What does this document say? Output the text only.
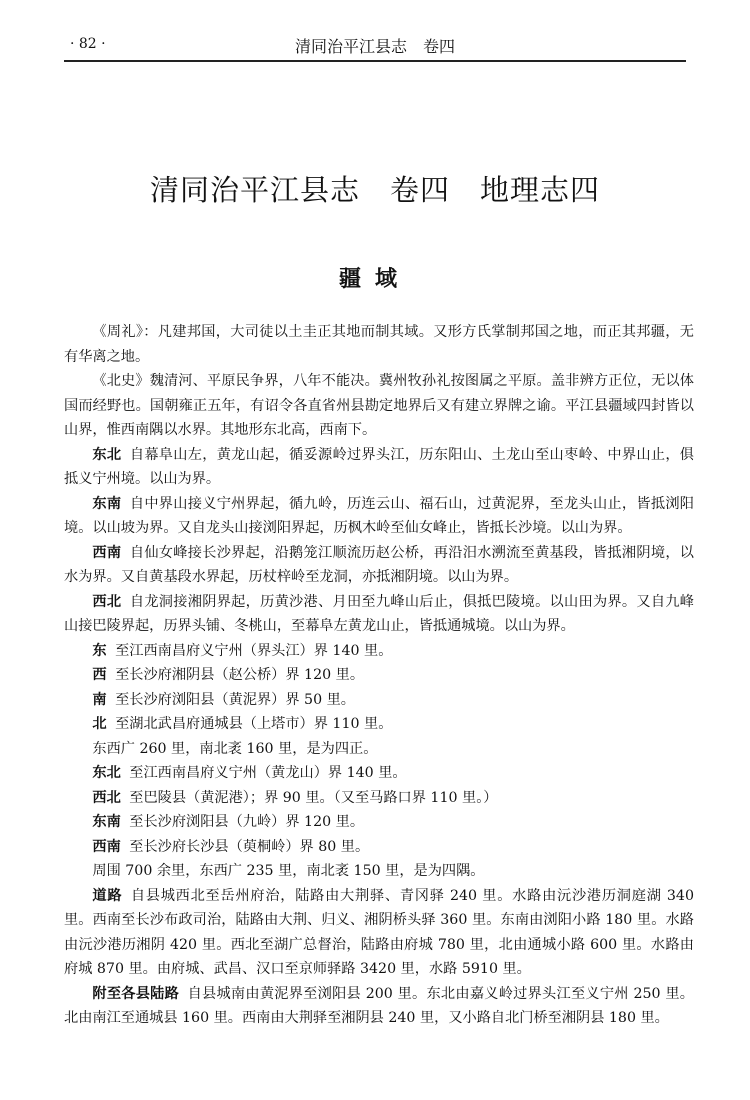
· 82 ·	清同治平江县志　卷四
清同治平江县志　卷四　地理志四
疆域

《周礼》：凡建邦国，大司徒以土圭正其地而制其域。又形方氏掌制邦国之地，而正其邦疆，无有华离之地。

《北史》魏清河、平原民争界，八年不能决。冀州牧孙礼按图属之平原。盖非辨方正位，无以体国而经野也。国朝雍正五年，有诏令各直省州县勘定地界后又有建立界牌之谕。平江县疆域四封皆以山界，惟西南隅以水界。其地形东北高，西南下。

东北 自幕阜山左，黄龙山起，循妥源岭过界头江，历东阳山、土龙山至山枣岭、中界山止，俱抵义宁州境。以山为界。

东南 自中界山接义宁州界起，循九岭，历连云山、福石山，过黄泥界，至龙头山止，皆抵浏阳境。以山坡为界。又自龙头山接浏阳界起，历枫木岭至仙女峰止，皆抵长沙境。以山为界。

西南 自仙女峰接长沙界起，沿鹅笼江顺流历赵公桥，再沿汨水溯流至黄基段，皆抵湘阴境，以水为界。又自黄基段水界起，历杖梓岭至龙洞，亦抵湘阴境。以山为界。

西北 自龙洞接湘阴界起，历黄沙港、月田至九峰山后止，俱抵巴陵境。以山田为界。又自九峰山接巴陵界起，历界头铺、冬桃山，至幕阜左黄龙山止，皆抵通城境。以山为界。

东 至江西南昌府义宁州（界头江）界 140 里。

西 至长沙府湘阴县（赵公桥）界 120 里。

南 至长沙府浏阳县（黄泥界）界 50 里。

北 至湖北武昌府通城县（上塔市）界 110 里。

东西广 260 里，南北袤 160 里，是为四正。

东北 至江西南昌府义宁州（黄龙山）界 140 里。

西北 至巴陵县（黄泥港）；界 90 里。（又至马路口界 110 里。）

东南 至长沙府浏阳县（九岭）界 120 里。

西南 至长沙府长沙县（萸桐岭）界 80 里。

周围 700 余里，东西广 235 里，南北袤 150 里，是为四隅。

道路 自县城西北至岳州府治，陆路由大荆驿、青冈驿 240 里。水路由沅沙港历洞庭湖 340 里。西南至长沙布政司治，陆路由大荆、归义、湘阴桥头驿 360 里。东南由浏阳小路 180 里。水路由沅沙港历湘阴 420 里。西北至湖广总督治，陆路由府城 780 里，北由通城小路 600 里。水路由府城 870 里。由府城、武昌、汉口至京师驿路 3420 里，水路 5910 里。

附至各县陆路 自县城南由黄泥界至浏阳县 200 里。东北由嘉义岭过界头江至义宁州 250 里。北由南江至通城县 160 里。西南由大荆驿至湘阴县 240 里，又小路自北门桥至湘阴县 180 里。
